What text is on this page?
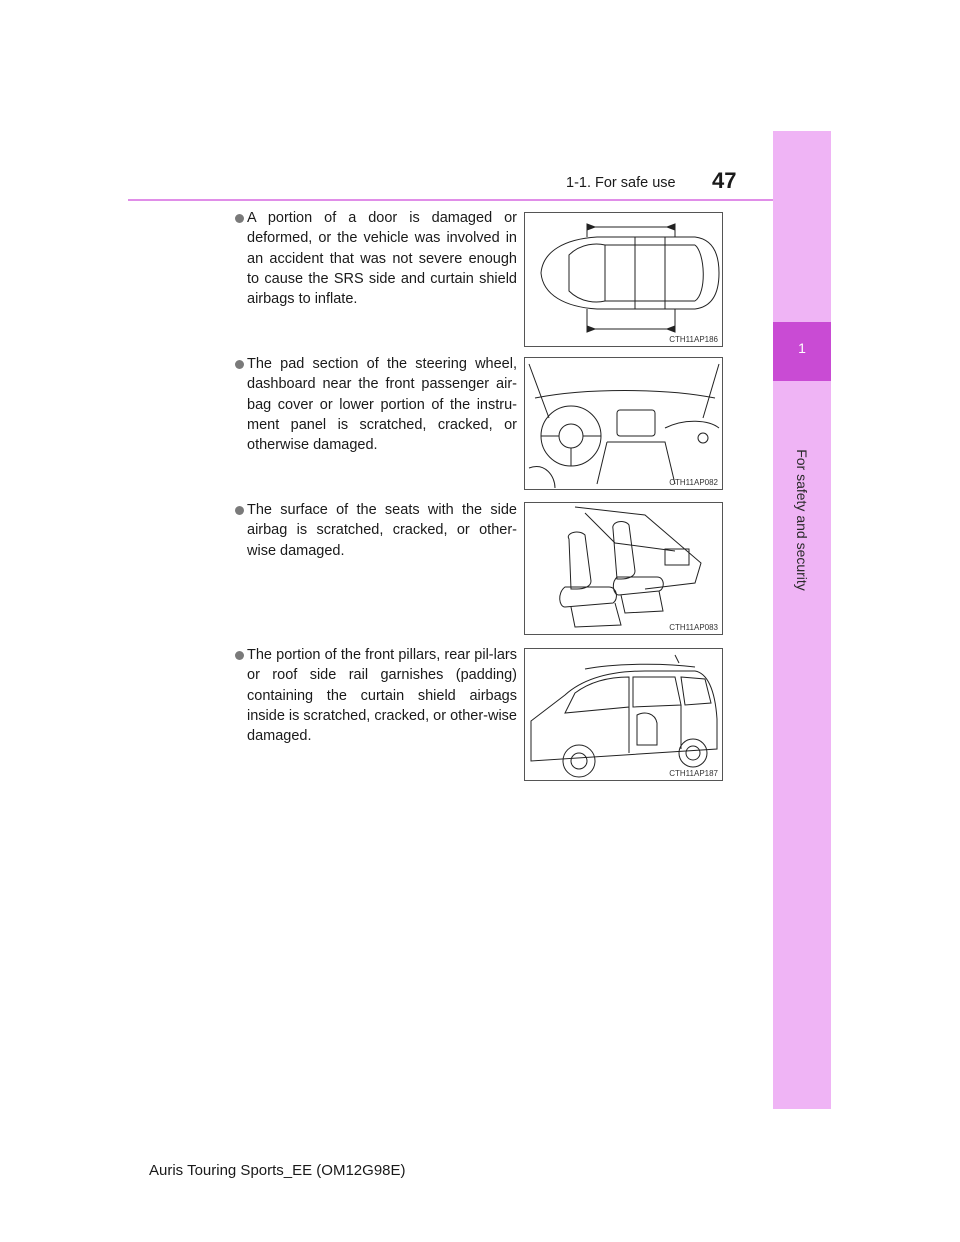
1-1. For safe use 47
1
For safety and security
A portion of a door is damaged or deformed, or the vehicle was involved in an accident that was not severe enough to cause the SRS side and curtain shield airbags to inflate.
CTH11AP186
The pad section of the steering wheel, dashboard near the front passenger air-bag cover or lower portion of the instru-ment panel is scratched, cracked, or otherwise damaged.
CTH11AP082
The surface of the seats with the side airbag is scratched, cracked, or other-wise damaged.
CTH11AP083
The portion of the front pillars, rear pil-lars or roof side rail garnishes (padding) containing the curtain shield airbags inside is scratched, cracked, or other-wise damaged.
CTH11AP187
Auris Touring Sports_EE (OM12G98E)
